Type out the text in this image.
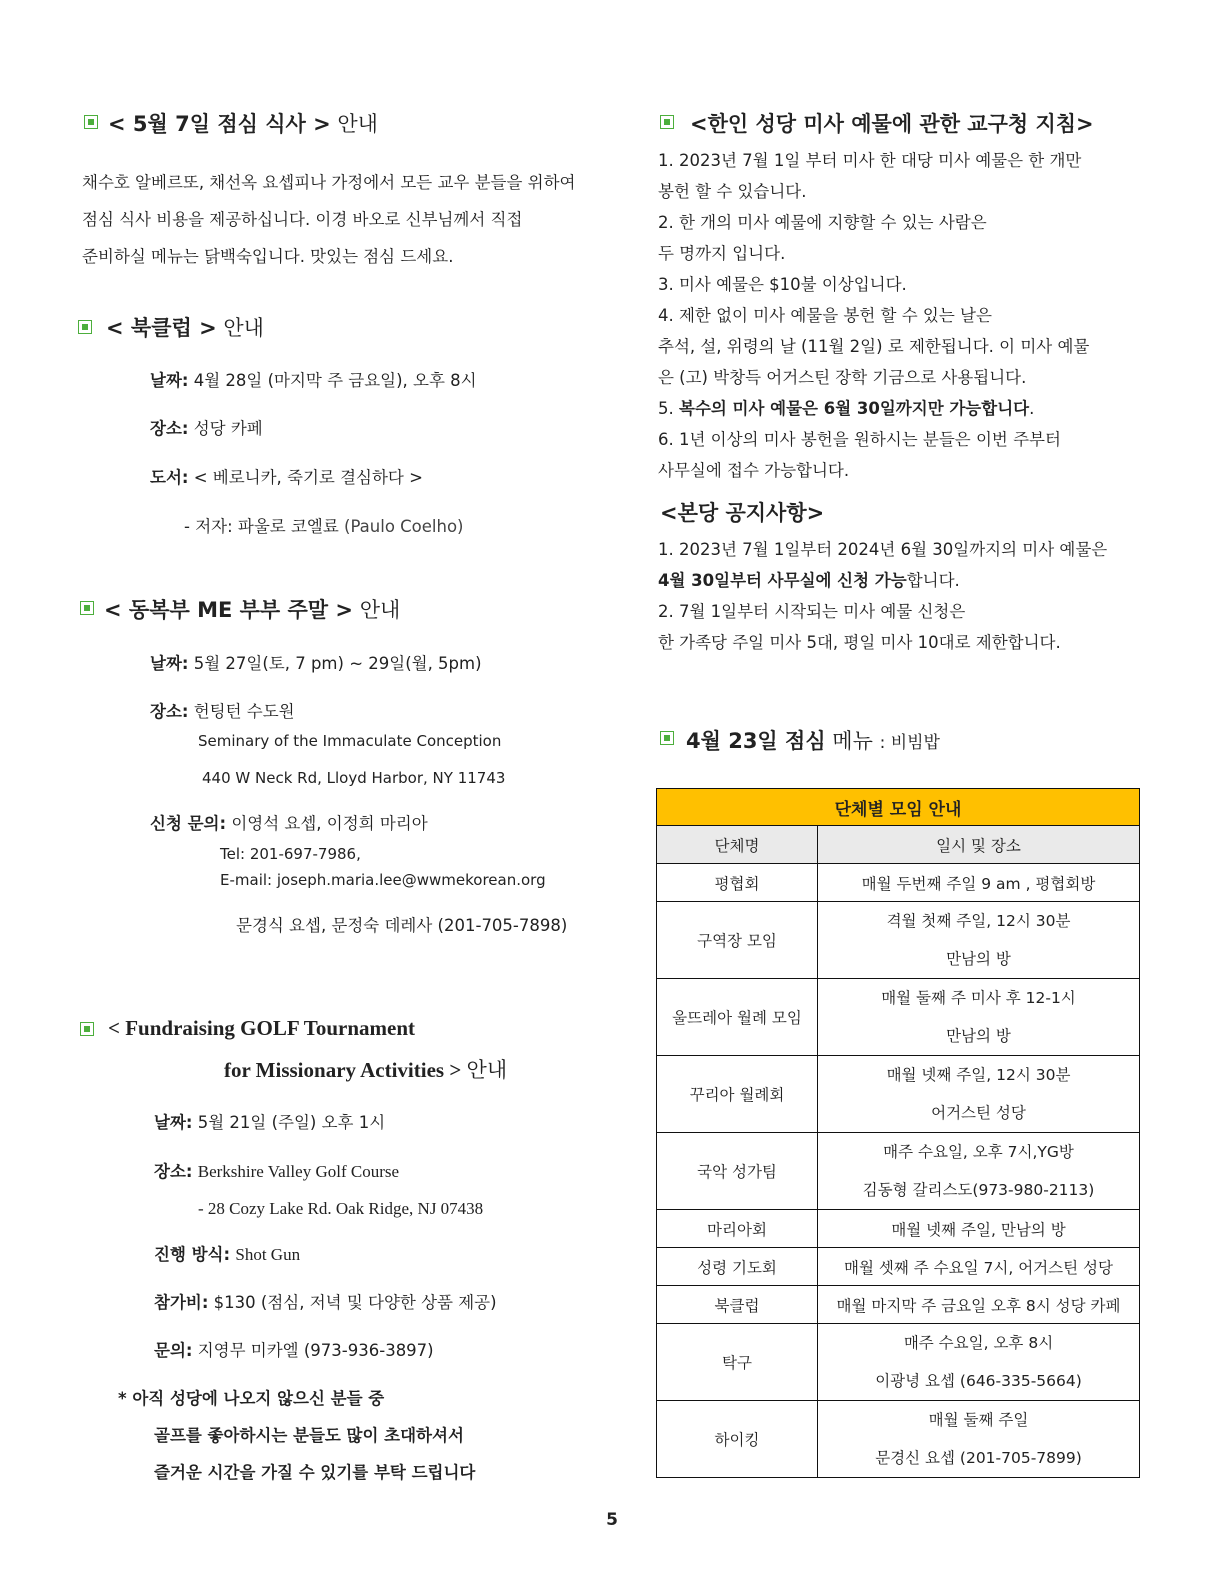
< 5월 7일 점심 식사 > 안내
채수호 알베르또, 채선옥 요셉피나 가정에서 모든 교우 분들을 위하여
점심 식사 비용을 제공하십니다. 이경 바오로 신부님께서 직접
준비하실 메뉴는 닭백숙입니다. 맛있는 점심 드세요.
< 북클럽 > 안내
날짜: 4월 28일 (마지막 주 금요일), 오후 8시
장소: 성당 카페
도서: < 베로니카, 죽기로 결심하다 >
- 저자: 파울로 코엘료 (Paulo Coelho)
< 동복부 ME 부부 주말 > 안내
날짜: 5월 27일(토, 7 pm) ~ 29일(월, 5pm)
장소: 헌팅턴 수도원
Seminary of the Immaculate Conception
440 W Neck Rd, Lloyd Harbor, NY 11743
신청 문의: 이영석 요셉, 이정희 마리아
Tel: 201-697-7986,
E-mail: joseph.maria.lee@wwmekorean.org
문경식 요셉, 문정숙 데레사 (201-705-7898)
< Fundraising GOLF Tournament
for Missionary Activities > 안내
날짜: 5월 21일 (주일) 오후 1시
장소: Berkshire Valley Golf Course
- 28 Cozy Lake Rd. Oak Ridge, NJ 07438
진행 방식: Shot Gun
참가비: $130 (점심, 저녁 및 다양한 상품 제공)
문의: 지영무 미카엘 (973-936-3897)
* 아직 성당에 나오지 않으신 분들 중
골프를 좋아하시는 분들도 많이 초대하셔서
즐거운 시간을 가질 수 있기를 부탁 드립니다
<한인 성당 미사 예물에 관한 교구청 지침>
1. 2023년 7월 1일 부터 미사 한 대당 미사 예물은 한 개만
봉헌 할 수 있습니다.
2. 한 개의 미사 예물에 지향할 수 있는 사람은
두 명까지 입니다.
3. 미사 예물은 $10불 이상입니다.
4. 제한 없이 미사 예물을 봉헌 할 수 있는 날은
추석, 설, 위령의 날 (11월 2일) 로 제한됩니다. 이 미사 예물
은 (고) 박창득 어거스틴 장학 기금으로 사용됩니다.
5. 복수의 미사 예물은 6월 30일까지만 가능합니다.
6. 1년 이상의 미사 봉헌을 원하시는 분들은 이번 주부터
사무실에 접수 가능합니다.
<본당 공지사항>
1. 2023년 7월 1일부터 2024년 6월 30일까지의 미사 예물은
4월 30일부터 사무실에 신청 가능합니다.
2. 7월 1일부터 시작되는 미사 예물 신청은
한 가족당 주일 미사 5대, 평일 미사 10대로 제한합니다.
4월 23일 점심 메뉴 : 비빔밥
단체별 모임 안내	
단체명	일시 및 장소
평협회	매월 두번째 주일 9 am , 평협회방
구역장 모임	격월 첫째 주일, 12시 30분
만남의 방

울뜨레아 월례 모임	매월 둘째 주 미사 후 12-1시
만남의 방

꾸리아 월례회	매월 넷째 주일, 12시 30분
어거스틴 성당

국악 성가팀	매주 수요일, 오후 7시,YG방
김동형 갈리스도(973-980-2113)

마리아회	매월 넷째 주일, 만남의 방
성령 기도회	매월 셋째 주 수요일 7시, 어거스틴 성당
북클럽	매월 마지막 주 금요일 오후 8시 성당 카페
탁구	매주 수요일, 오후 8시
이광녕 요셉 (646-335-5664)

하이킹	매월 둘째 주일
문경신 요셉 (201-705-7899)
5
